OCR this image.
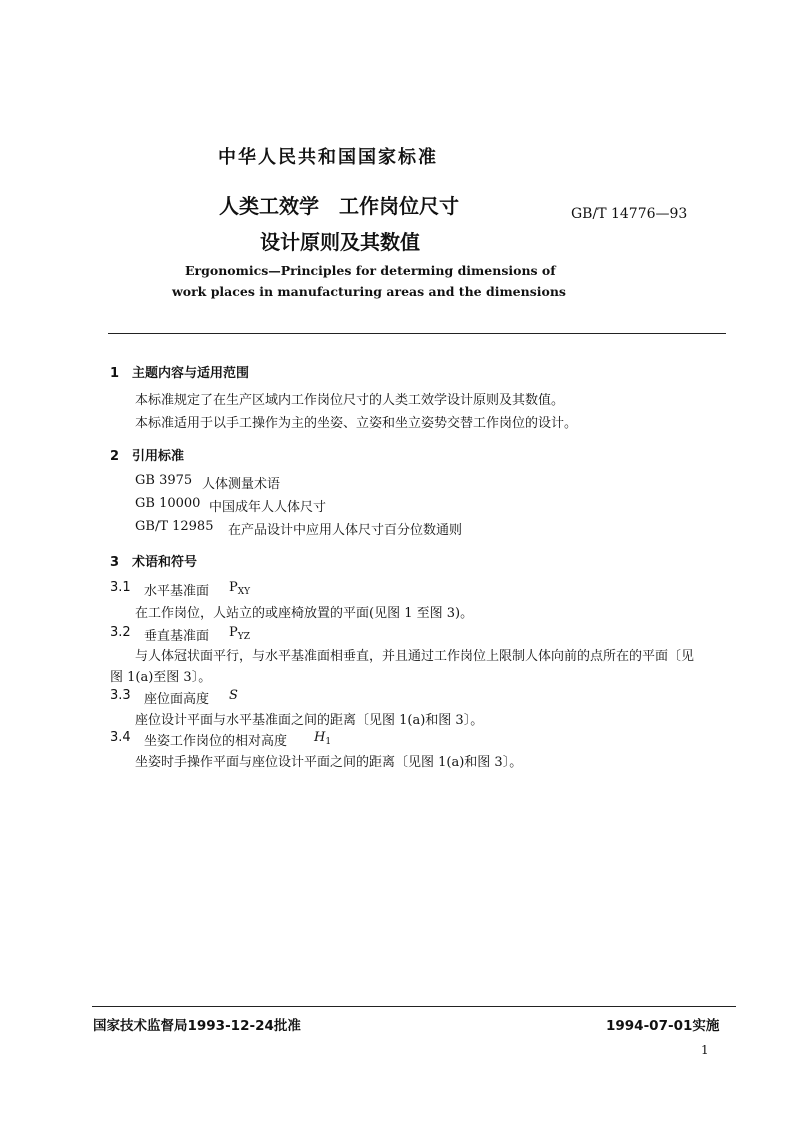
中华人民共和国国家标准
人类工效学　工作岗位尺寸
设计原则及其数值
GB/T 14776—93
Ergonomics—Principles for determing dimensions of
work places in manufacturing areas and the dimensions
1　主题内容与适用范围
本标准规定了在生产区域内工作岗位尺寸的人类工效学设计原则及其数值。
本标准适用于以手工操作为主的坐姿、立姿和坐立姿势交替工作岗位的设计。
2　引用标准
GB 3975 人体测量术语
GB 10000 中国成年人人体尺寸
GB/T 12985 在产品设计中应用人体尺寸百分位数通则
3　术语和符号
3.1 水平基准面 $P_{XY}$
在工作岗位，人站立的或座椅放置的平面(见图 1 至图 3)。
3.2 垂直基准面 $P_{YZ}$
与人体冠状面平行，与水平基准面相垂直，并且通过工作岗位上限制人体向前的点所在的平面〔见
图 1(a)至图 3〕。
3.3 座位面高度 S
座位设计平面与水平基准面之间的距离〔见图 1(a)和图 3〕。
3.4 坐姿工作岗位的相对高度 $H_1$
坐姿时手操作平面与座位设计平面之间的距离〔见图 1(a)和图 3〕。
国家技术监督局1993-12-24批准	1994-07-01实施
1
